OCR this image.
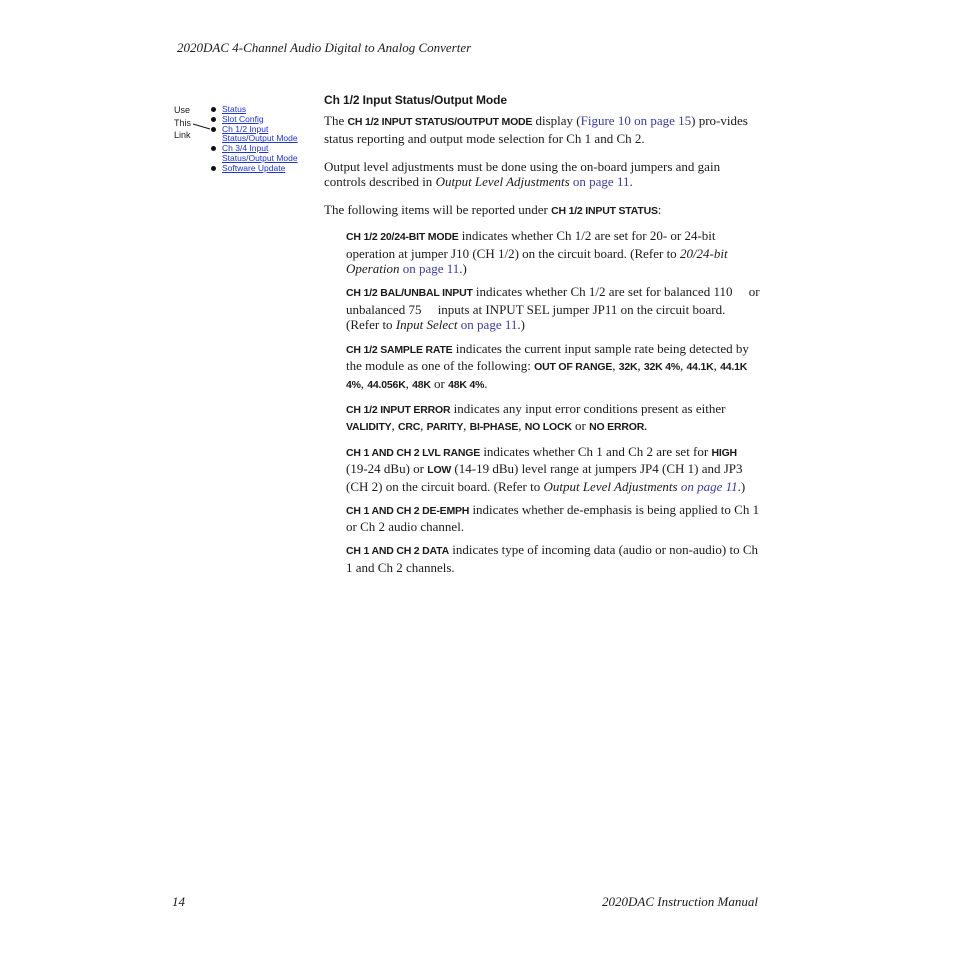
2020DAC 4-Channel Audio Digital to Analog Converter
Use
This
Link
Status
Slot Config
Ch 1/2 Input
Status/Output Mode
Ch 3/4 Input
Status/Output Mode
Software Update
Ch 1/2 Input Status/Output Mode

The CH 1/2 INPUT STATUS/OUTPUT MODE display (Figure 10 on page 15) pro-vides status reporting and output mode selection for Ch 1 and Ch 2.

Output level adjustments must be done using the on-board jumpers and gain controls described in Output Level Adjustments on page 11.

The following items will be reported under CH 1/2 INPUT STATUS:

CH 1/2 20/24-BIT MODE indicates whether Ch 1/2 are set for 20- or 24-bit operation at jumper J10 (CH 1/2) on the circuit board. (Refer to 20/24-bit Operation on page 11.)

CH 1/2 BAL/UNBAL INPUT indicates whether Ch 1/2 are set for balanced 110     or unbalanced 75     inputs at INPUT SEL jumper JP11 on the circuit board. (Refer to Input Select on page 11.)

CH 1/2 SAMPLE RATE indicates the current input sample rate being detected by the module as one of the following: OUT OF RANGE, 32K, 32K 4%, 44.1K, 44.1K 4%, 44.056K, 48K or 48K 4%.

CH 1/2 INPUT ERROR indicates any input error conditions present as either VALIDITY, CRC, PARITY, BI-PHASE, NO LOCK or NO ERROR.

CH 1 AND CH 2 LVL RANGE indicates whether Ch 1 and Ch 2 are set for HIGH (19-24 dBu) or LOW (14-19 dBu) level range at jumpers JP4 (CH 1) and JP3 (CH 2) on the circuit board. (Refer to Output Level Adjustments on page 11.)

CH 1 AND CH 2 DE-EMPH indicates whether de-emphasis is being applied to Ch 1 or Ch 2 audio channel.

CH 1 AND CH 2 DATA indicates type of incoming data (audio or non-audio) to Ch 1 and Ch 2 channels.

14	2020DAC Instruction Manual
